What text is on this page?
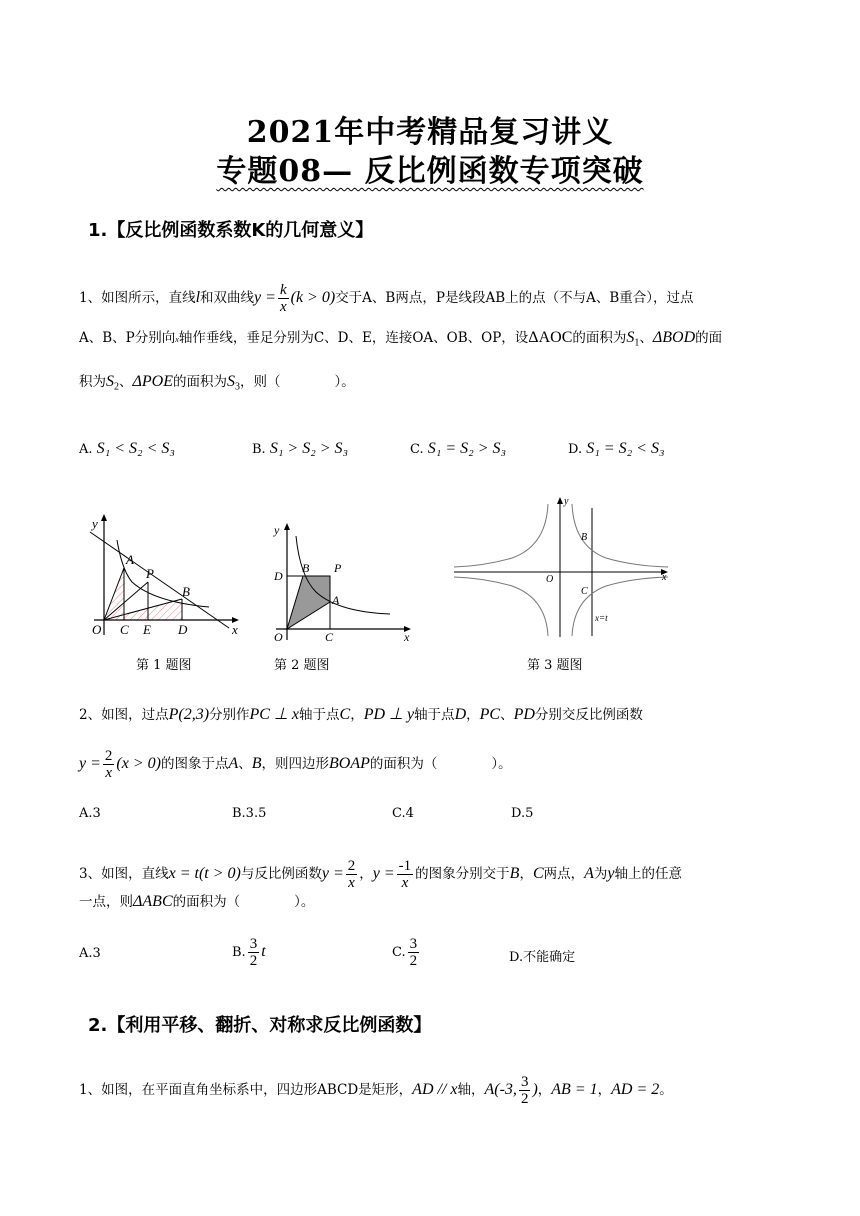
2021年中考精品复习讲义
专题08— 反比例函数专项突破
1.【反比例函数系数K的几何意义】
1、如图所示，直线l和双曲线$y = \frac{k}{x} (k > 0)$交于A、B两点，P是线段AB上的点（不与A、B重合），过点
A、B、P分别向x轴作垂线，垂足分别为C、D、E，连接OA、OB、OP，设ΔAOC的面积为$S_1$、ΔBOD的面
积为$S_2$、ΔPOE的面积为$S_3$，则（　　　　）。
A. S₁ < S₂ < S₃	B. S₁ > S₂ > S₃	C. S₁ = S₂ > S₃	D. S₁ = S₂ < S₃
y
A
P
B
O C E D	x
第 1 题图
y
D
B P
A
O	C	x
第 2 题图
y
B
O
C
x
x=t
第 3 题图
2、如图，过点P(2,3)分别作PC ⊥ x轴于点C，PD ⊥ y轴于点D，PC、PD分别交反比例函数
$y = \frac{2}{x} (x > 0)$的图象于点A、B，则四边形BOAP的面积为（　　　　）。
A.3	B.3.5	C.4	D.5
3、如图，直线x = t(t > 0)与反比例函数$y = \frac{2}{x}$ ，$y = \frac{-1}{x}$ 的图象分别交于B，C两点，A为y轴上的任意
一点，则ΔABC的面积为（　　　　）。
A.3	B. $\frac{3}{2}$ t	C. $\frac{3}{2}$	D.不能确定
2.【利用平移、翻折、对称求反比例函数】
1、如图，在平面直角坐标系中，四边形ABCD是矩形，AD // x轴，A(-3, $\frac{3}{2}$ )，AB = 1，AD = 2。
